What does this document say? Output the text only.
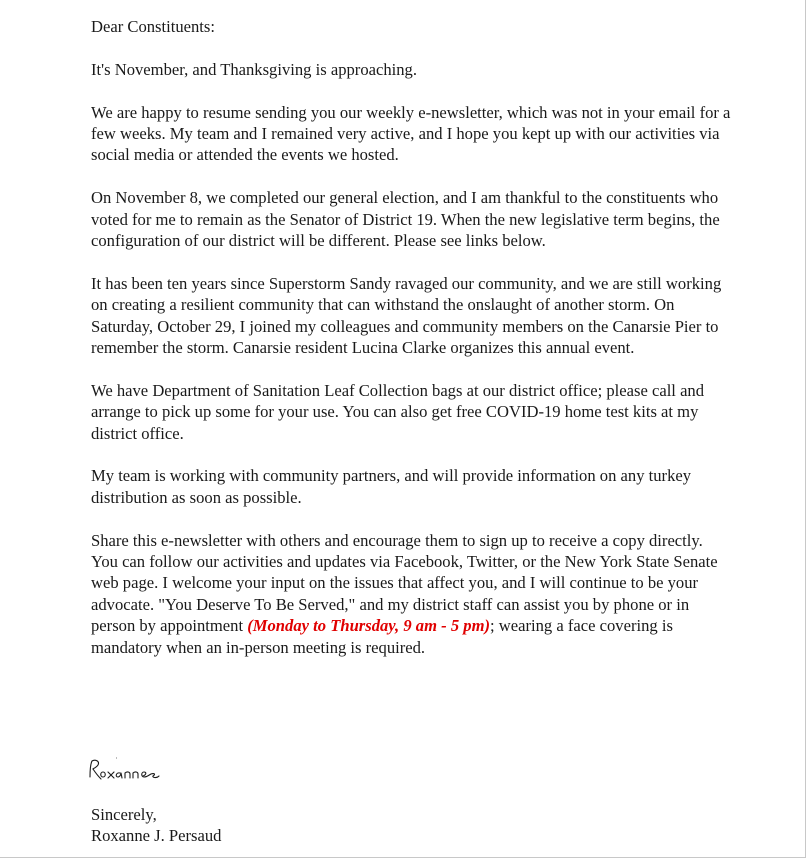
Dear Constituents:

It's November, and Thanksgiving is approaching.

We are happy to resume sending you our weekly e-newsletter, which was not in your email for a few weeks. My team and I remained very active, and I hope you kept up with our activities via social media or attended the events we hosted.

On November 8, we completed our general election, and I am thankful to the constituents who voted for me to remain as the Senator of District 19. When the new legislative term begins, the configuration of our district will be different. Please see links below.

It has been ten years since Superstorm Sandy ravaged our community, and we are still working on creating a resilient community that can withstand the onslaught of another storm. On Saturday, October 29, I joined my colleagues and community members on the Canarsie Pier to remember the storm. Canarsie resident Lucina Clarke organizes this annual event.

We have Department of Sanitation Leaf Collection bags at our district office; please call and arrange to pick up some for your use. You can also get free COVID-19 home test kits at my district office.

My team is working with community partners, and will provide information on any turkey distribution as soon as possible.

Share this e-newsletter with others and encourage them to sign up to receive a copy directly. You can follow our activities and updates via Facebook, Twitter, or the New York State Senate web page. I welcome your input on the issues that affect you, and I will continue to be your advocate. "You Deserve To Be Served," and my district staff can assist you by phone or in person by appointment (Monday to Thursday, 9 am - 5 pm); wearing a face covering is mandatory when an in-person meeting is required.

Sincerely,
Roxanne J. Persaud
